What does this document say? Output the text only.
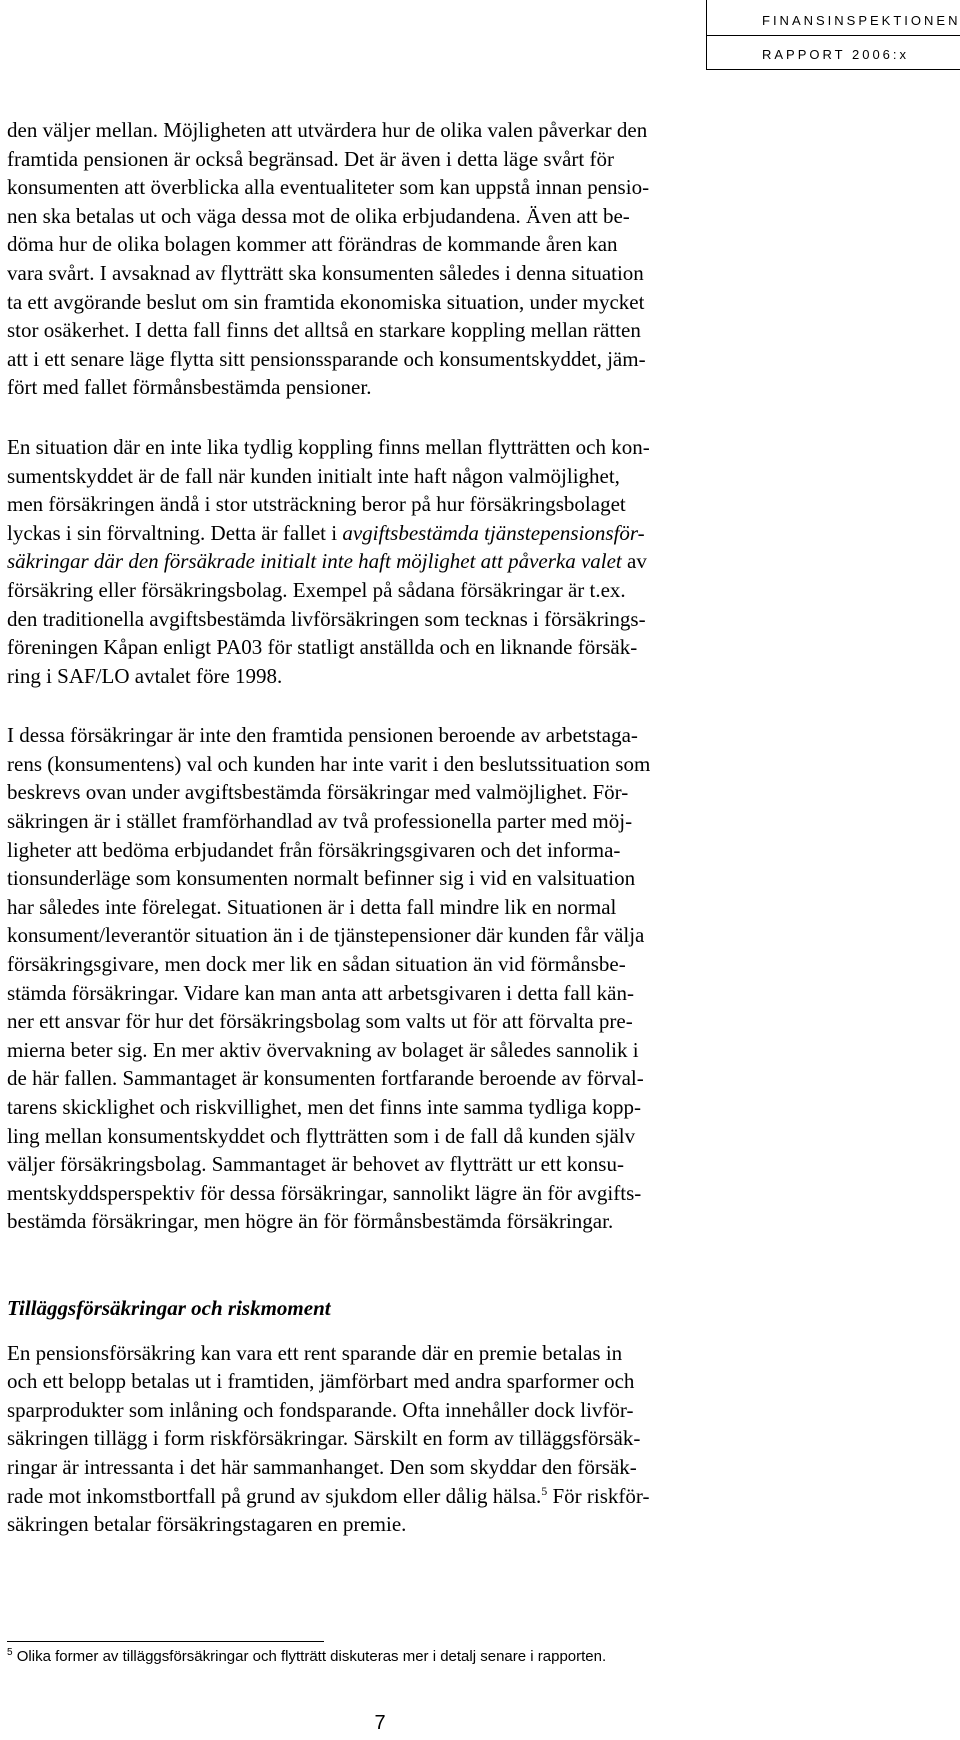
FINANSINSPEKTIONEN
RAPPORT 2006:x

den väljer mellan. Möjligheten att utvärdera hur de olika valen påverkar den
framtida pensionen är också begränsad. Det är även i detta läge svårt för
konsumenten att överblicka alla eventualiteter som kan uppstå innan pensio-
nen ska betalas ut och väga dessa mot de olika erbjudandena. Även att be-
döma hur de olika bolagen kommer att förändras de kommande åren kan
vara svårt. I avsaknad av flytträtt ska konsumenten således i denna situation
ta ett avgörande beslut om sin framtida ekonomiska situation, under mycket
stor osäkerhet. I detta fall finns det alltså en starkare koppling mellan rätten
att i ett senare läge flytta sitt pensionssparande och konsumentskyddet, jäm-
fört med fallet förmånsbestämda pensioner.

En situation där en inte lika tydlig koppling finns mellan flytträtten och kon-
sumentskyddet är de fall när kunden initialt inte haft någon valmöjlighet,
men försäkringen ändå i stor utsträckning beror på hur försäkringsbolaget
lyckas i sin förvaltning. Detta är fallet i avgiftsbestämda tjänstepensionsför-
säkringar där den försäkrade initialt inte haft möjlighet att påverka valet av
försäkring eller försäkringsbolag. Exempel på sådana försäkringar är t.ex.
den traditionella avgiftsbestämda livförsäkringen som tecknas i försäkrings-
föreningen Kåpan enligt PA03 för statligt anställda och en liknande försäk-
ring i SAF/LO avtalet före 1998.

I dessa försäkringar är inte den framtida pensionen beroende av arbetstaga-
rens (konsumentens) val och kunden har inte varit i den beslutssituation som
beskrevs ovan under avgiftsbestämda försäkringar med valmöjlighet. För-
säkringen är i stället framförhandlad av två professionella parter med möj-
ligheter att bedöma erbjudandet från försäkringsgivaren och det informa-
tionsunderläge som konsumenten normalt befinner sig i vid en valsituation
har således inte förelegat. Situationen är i detta fall mindre lik en normal
konsument/leverantör situation än i de tjänstepensioner där kunden får välja
försäkringsgivare, men dock mer lik en sådan situation än vid förmånsbe-
stämda försäkringar. Vidare kan man anta att arbetsgivaren i detta fall kän-
ner ett ansvar för hur det försäkringsbolag som valts ut för att förvalta pre-
mierna beter sig. En mer aktiv övervakning av bolaget är således sannolik i
de här fallen. Sammantaget är konsumenten fortfarande beroende av förval-
tarens skicklighet och riskvillighet, men det finns inte samma tydliga kopp-
ling mellan konsumentskyddet och flytträtten som i de fall då kunden själv
väljer försäkringsbolag. Sammantaget är behovet av flytträtt ur ett konsu-
mentskyddsperspektiv för dessa försäkringar, sannolikt lägre än för avgifts-
bestämda försäkringar, men högre än för förmånsbestämda försäkringar.

Tilläggsförsäkringar och riskmoment

En pensionsförsäkring kan vara ett rent sparande där en premie betalas in
och ett belopp betalas ut i framtiden, jämförbart med andra sparformer och
sparprodukter som inlåning och fondsparande. Ofta innehåller dock livför-
säkringen tillägg i form riskförsäkringar. Särskilt en form av tilläggsförsäk-
ringar är intressanta i det här sammanhanget. Den som skyddar den försäk-
rade mot inkomstbortfall på grund av sjukdom eller dålig hälsa.$^5$ För riskför-
säkringen betalar försäkringstagaren en premie.

$^5$ Olika former av tilläggsförsäkringar och flytträtt diskuteras mer i detalj senare i rapporten.
7
